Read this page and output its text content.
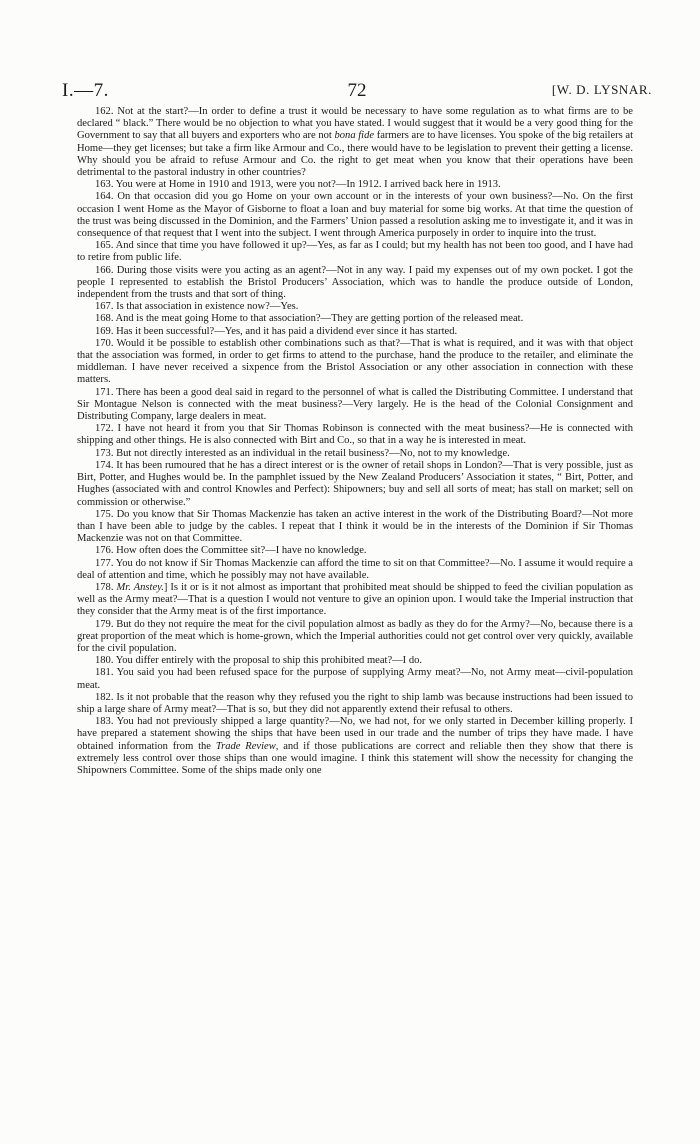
I.—7.	72	[W. D. LYSNAR.

162. Not at the start?—In order to define a trust it would be necessary to have some regulation as to what firms are to be declared “ black.” There would be no objection to what you have stated. I would suggest that it would be a very good thing for the Government to say that all buyers and exporters who are not bona fide farmers are to have licenses. You spoke of the big retailers at Home—they get licenses; but take a firm like Armour and Co., there would have to be legislation to prevent their getting a license. Why should you be afraid to refuse Armour and Co. the right to get meat when you know that their operations have been detrimental to the pastoral industry in other countries?

163. You were at Home in 1910 and 1913, were you not?—In 1912. I arrived back here in 1913.

164. On that occasion did you go Home on your own account or in the interests of your own business?—No. On the first occasion I went Home as the Mayor of Gisborne to float a loan and buy material for some big works. At that time the question of the trust was being discussed in the Dominion, and the Farmers’ Union passed a resolution asking me to investigate it, and it was in consequence of that request that I went into the subject. I went through America purposely in order to inquire into the trust.

165. And since that time you have followed it up?—Yes, as far as I could; but my health has not been too good, and I have had to retire from public life.

166. During those visits were you acting as an agent?—Not in any way. I paid my expenses out of my own pocket. I got the people I represented to establish the Bristol Producers’ Association, which was to handle the produce outside of London, independent from the trusts and that sort of thing.

167. Is that association in existence now?—Yes.

168. And is the meat going Home to that association?—They are getting portion of the released meat.

169. Has it been successful?—Yes, and it has paid a dividend ever since it has started.

170. Would it be possible to establish other combinations such as that?—That is what is required, and it was with that object that the association was formed, in order to get firms to attend to the purchase, hand the produce to the retailer, and eliminate the middleman. I have never received a sixpence from the Bristol Association or any other association in connection with these matters.

171. There has been a good deal said in regard to the personnel of what is called the Distributing Committee. I understand that Sir Montague Nelson is connected with the meat business?—Very largely. He is the head of the Colonial Consignment and Distributing Company, large dealers in meat.

172. I have not heard it from you that Sir Thomas Robinson is connected with the meat business?—He is connected with shipping and other things. He is also connected with Birt and Co., so that in a way he is interested in meat.

173. But not directly interested as an individual in the retail business?—No, not to my knowledge.

174. It has been rumoured that he has a direct interest or is the owner of retail shops in London?—That is very possible, just as Birt, Potter, and Hughes would be. In the pamphlet issued by the New Zealand Producers’ Association it states, “ Birt, Potter, and Hughes (associated with and control Knowles and Perfect): Shipowners; buy and sell all sorts of meat; has stall on market; sell on commission or otherwise.”

175. Do you know that Sir Thomas Mackenzie has taken an active interest in the work of the Distributing Board?—Not more than I have been able to judge by the cables. I repeat that I think it would be in the interests of the Dominion if Sir Thomas Mackenzie was not on that Committee.

176. How often does the Committee sit?—I have no knowledge.

177. You do not know if Sir Thomas Mackenzie can afford the time to sit on that Committee?—No. I assume it would require a deal of attention and time, which he possibly may not have available.

178. Mr. Anstey.] Is it or is it not almost as important that prohibited meat should be shipped to feed the civilian population as well as the Army meat?—That is a question I would not venture to give an opinion upon. I would take the Imperial instruction that they consider that the Army meat is of the first importance.

179. But do they not require the meat for the civil population almost as badly as they do for the Army?—No, because there is a great proportion of the meat which is home-grown, which the Imperial authorities could not get control over very quickly, available for the civil population.

180. You differ entirely with the proposal to ship this prohibited meat?—I do.

181. You said you had been refused space for the purpose of supplying Army meat?—No, not Army meat—civil-population meat.

182. Is it not probable that the reason why they refused you the right to ship lamb was because instructions had been issued to ship a large share of Army meat?—That is so, but they did not apparently extend their refusal to others.

183. You had not previously shipped a large quantity?—No, we had not, for we only started in December killing properly. I have prepared a statement showing the ships that have been used in our trade and the number of trips they have made. I have obtained information from the Trade Review, and if those publications are correct and reliable then they show that there is extremely less control over those ships than one would imagine. I think this statement will show the necessity for changing the Shipowners Committee. Some of the ships made only one
